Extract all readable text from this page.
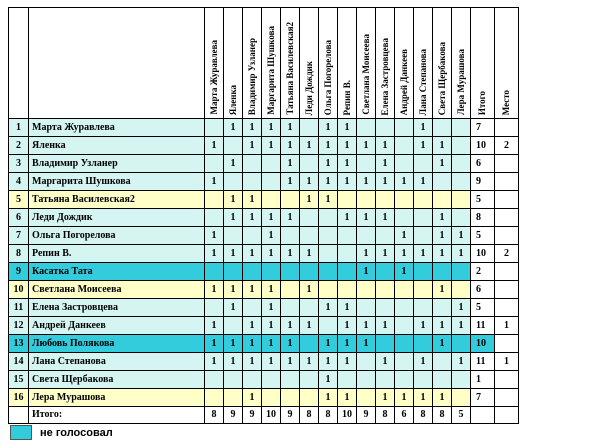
		Марта Журавлева	Яленка	Владимир Узланер	Маргарита Шушкова	Татьяна Василевская2	Леди Дождик	Ольга Погорелова	Репин В.	Светлана Моисеева	Елена Застровцева	Андрей Данкеев	Лана Степанова	Света Щербакова	Лера Мурашова	Итого	Место
1	Марта Журавлева		1	1	1	1		1	1				1			7	
2	Яленка	1		1	1	1	1	1	1	1	1		1	1		10	2
3	Владимир Узланер		1			1		1	1		1			1		6	
4	Маргарита Шушкова	1				1	1	1	1	1	1	1	1			9	
5	Татьяна Василевская2		1	1			1	1								5	
6	Леди Дождик		1	1	1	1			1	1	1			1		8	
7	Ольга Погорелова	1			1							1		1	1	5	
8	Репин В.	1	1	1	1	1	1			1	1	1	1	1	1	10	2
9	Касатка Тата									1		1				2	
10	Светлана Моисеева	1	1	1	1		1							1		6	
11	Елена Застровцева		1		1			1	1						1	5	
12	Андрей Данкеев	1		1	1	1	1		1	1	1		1	1	1	11	1
13	Любовь Полякова	1	1	1	1	1		1	1	1				1		10	
14	Лана Степанова	1	1	1	1	1	1	1	1		1		1		1	11	1
15	Света Щербакова							1								1	
16	Лера Мурашова			1				1	1		1	1	1	1		7	
	Итого:	8	9	9	10	9	8	8	10	9	8	6	8	8	5		
не голосовал
